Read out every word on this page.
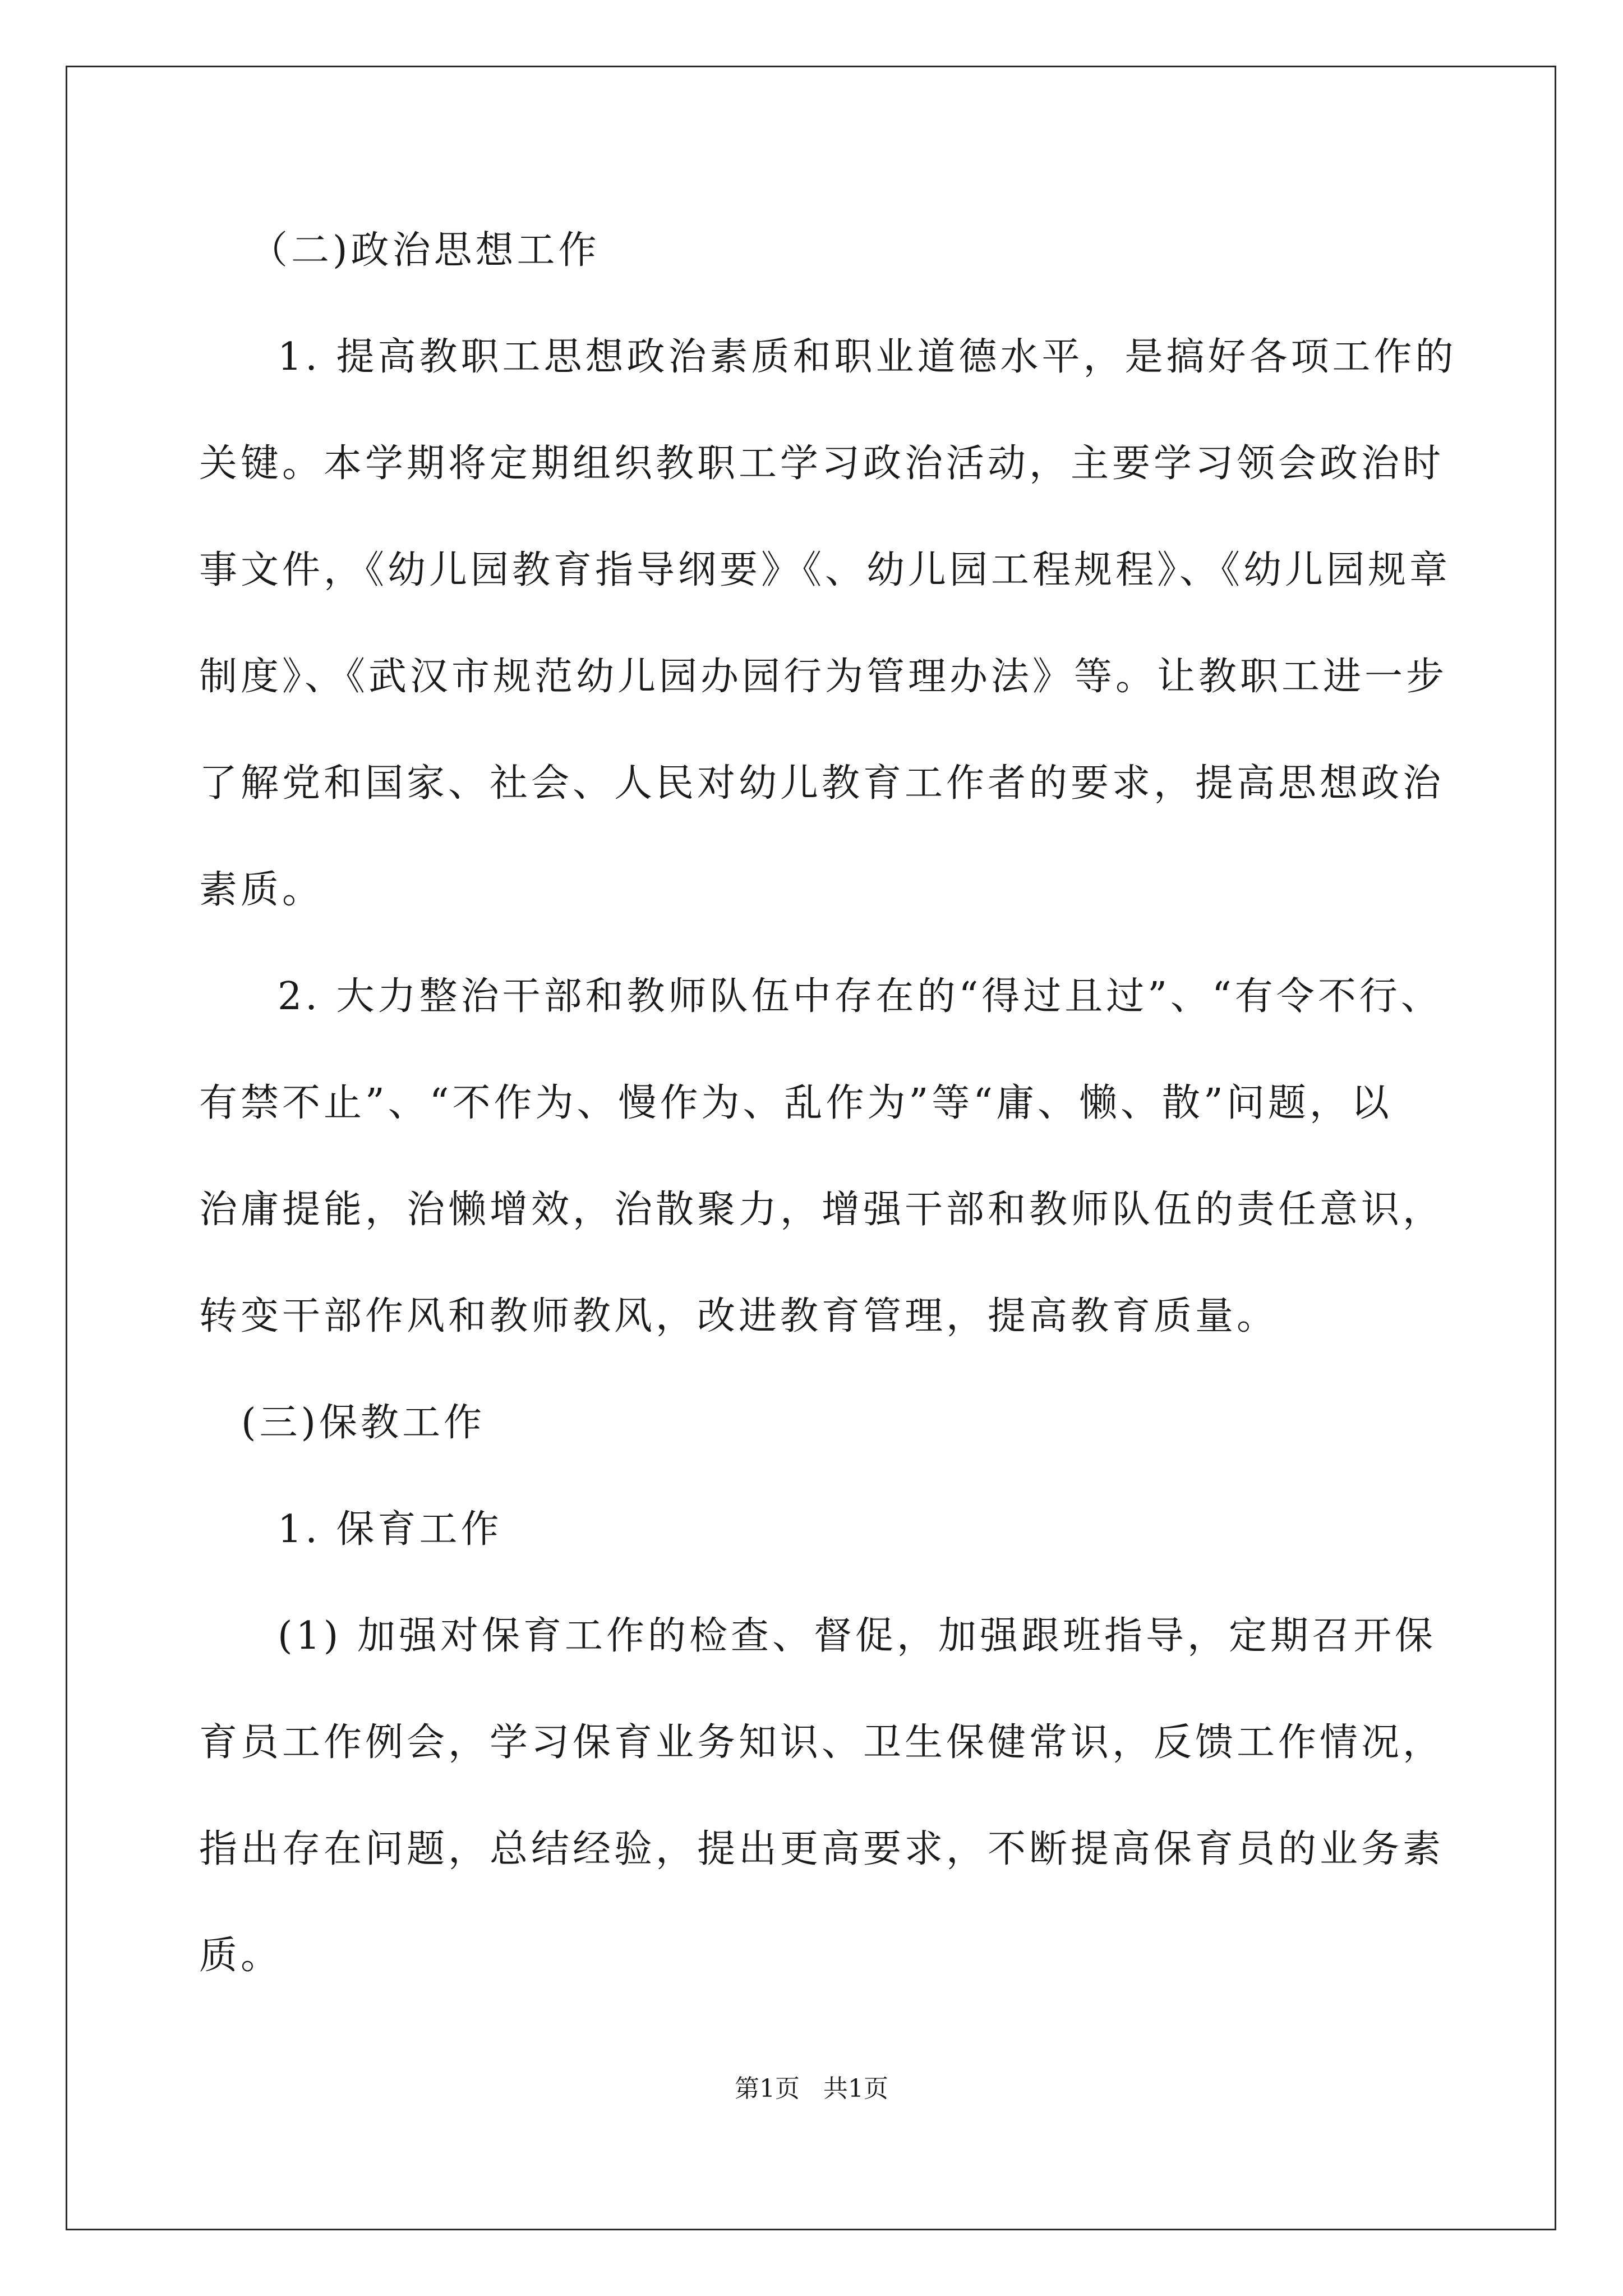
（二)政治思想工作
1. 提高教职工思想政治素质和职业道德水平，是搞好各项工作的
关键。本学期将定期组织教职工学习政治活动，主要学习领会政治时
事文件，《幼儿园教育指导纲要》《、幼儿园工程规程》、《幼儿园规章
制度》、《武汉市规范幼儿园办园行为管理办法》等。让教职工进一步
了解党和国家、社会、人民对幼儿教育工作者的要求，提高思想政治
素质。
2. 大力整治干部和教师队伍中存在的“得过且过”、“有令不行、
有禁不止”、“不作为、慢作为、乱作为”等“庸、懒、散”问题，以
治庸提能，治懒增效，治散聚力，增强干部和教师队伍的责任意识，
转变干部作风和教师教风，改进教育管理，提高教育质量。
(三)保教工作
1. 保育工作
(1) 加强对保育工作的检查、督促，加强跟班指导，定期召开保
育员工作例会，学习保育业务知识、卫生保健常识，反馈工作情况，
指出存在问题，总结经验，提出更高要求，不断提高保育员的业务素
质。
第1页   共1页
